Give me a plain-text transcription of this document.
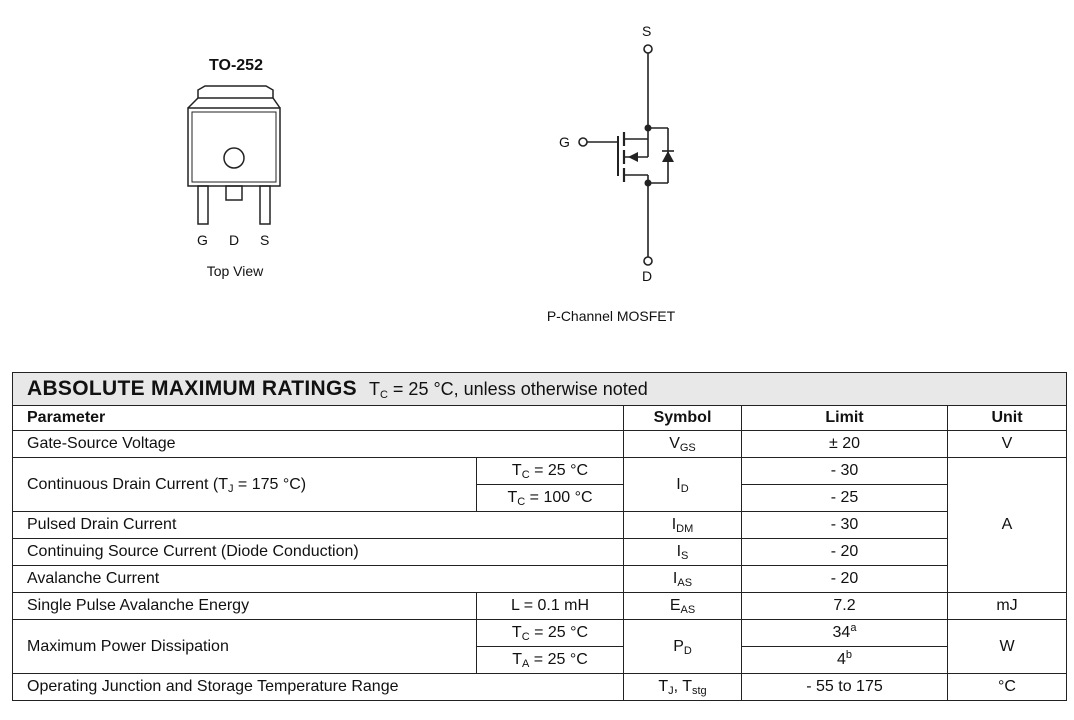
TO-252
G D S
Top View
S
G
D
P-Channel MOSFET
ABSOLUTE MAXIMUM RATINGS $T_C = 25$ °C, unless otherwise noted				
Parameter		Symbol	Limit	Unit
Gate-Source Voltage		$V_{GS}$	± 20	V
Continuous Drain Current ($T_J = 175$ °C)	$T_C = 25$ °C	$I_D$	- 30	A
	$T_C = 100$ °C		- 25	
Pulsed Drain Current		$I_{DM}$	- 30	
Continuing Source Current (Diode Conduction)		$I_S$	- 20	
Avalanche Current		$I_{AS}$	- 20	
Single Pulse Avalanche Energy	L = 0.1 mH	$E_{AS}$	7.2	mJ
Maximum Power Dissipation	$T_C = 25$ °C	$P_D$	34$^a$	W
	$T_A = 25$ °C		4$^b$
Operating Junction and Storage Temperature Range		$T_J$, $T_{stg}$	- 55 to 175	°C
